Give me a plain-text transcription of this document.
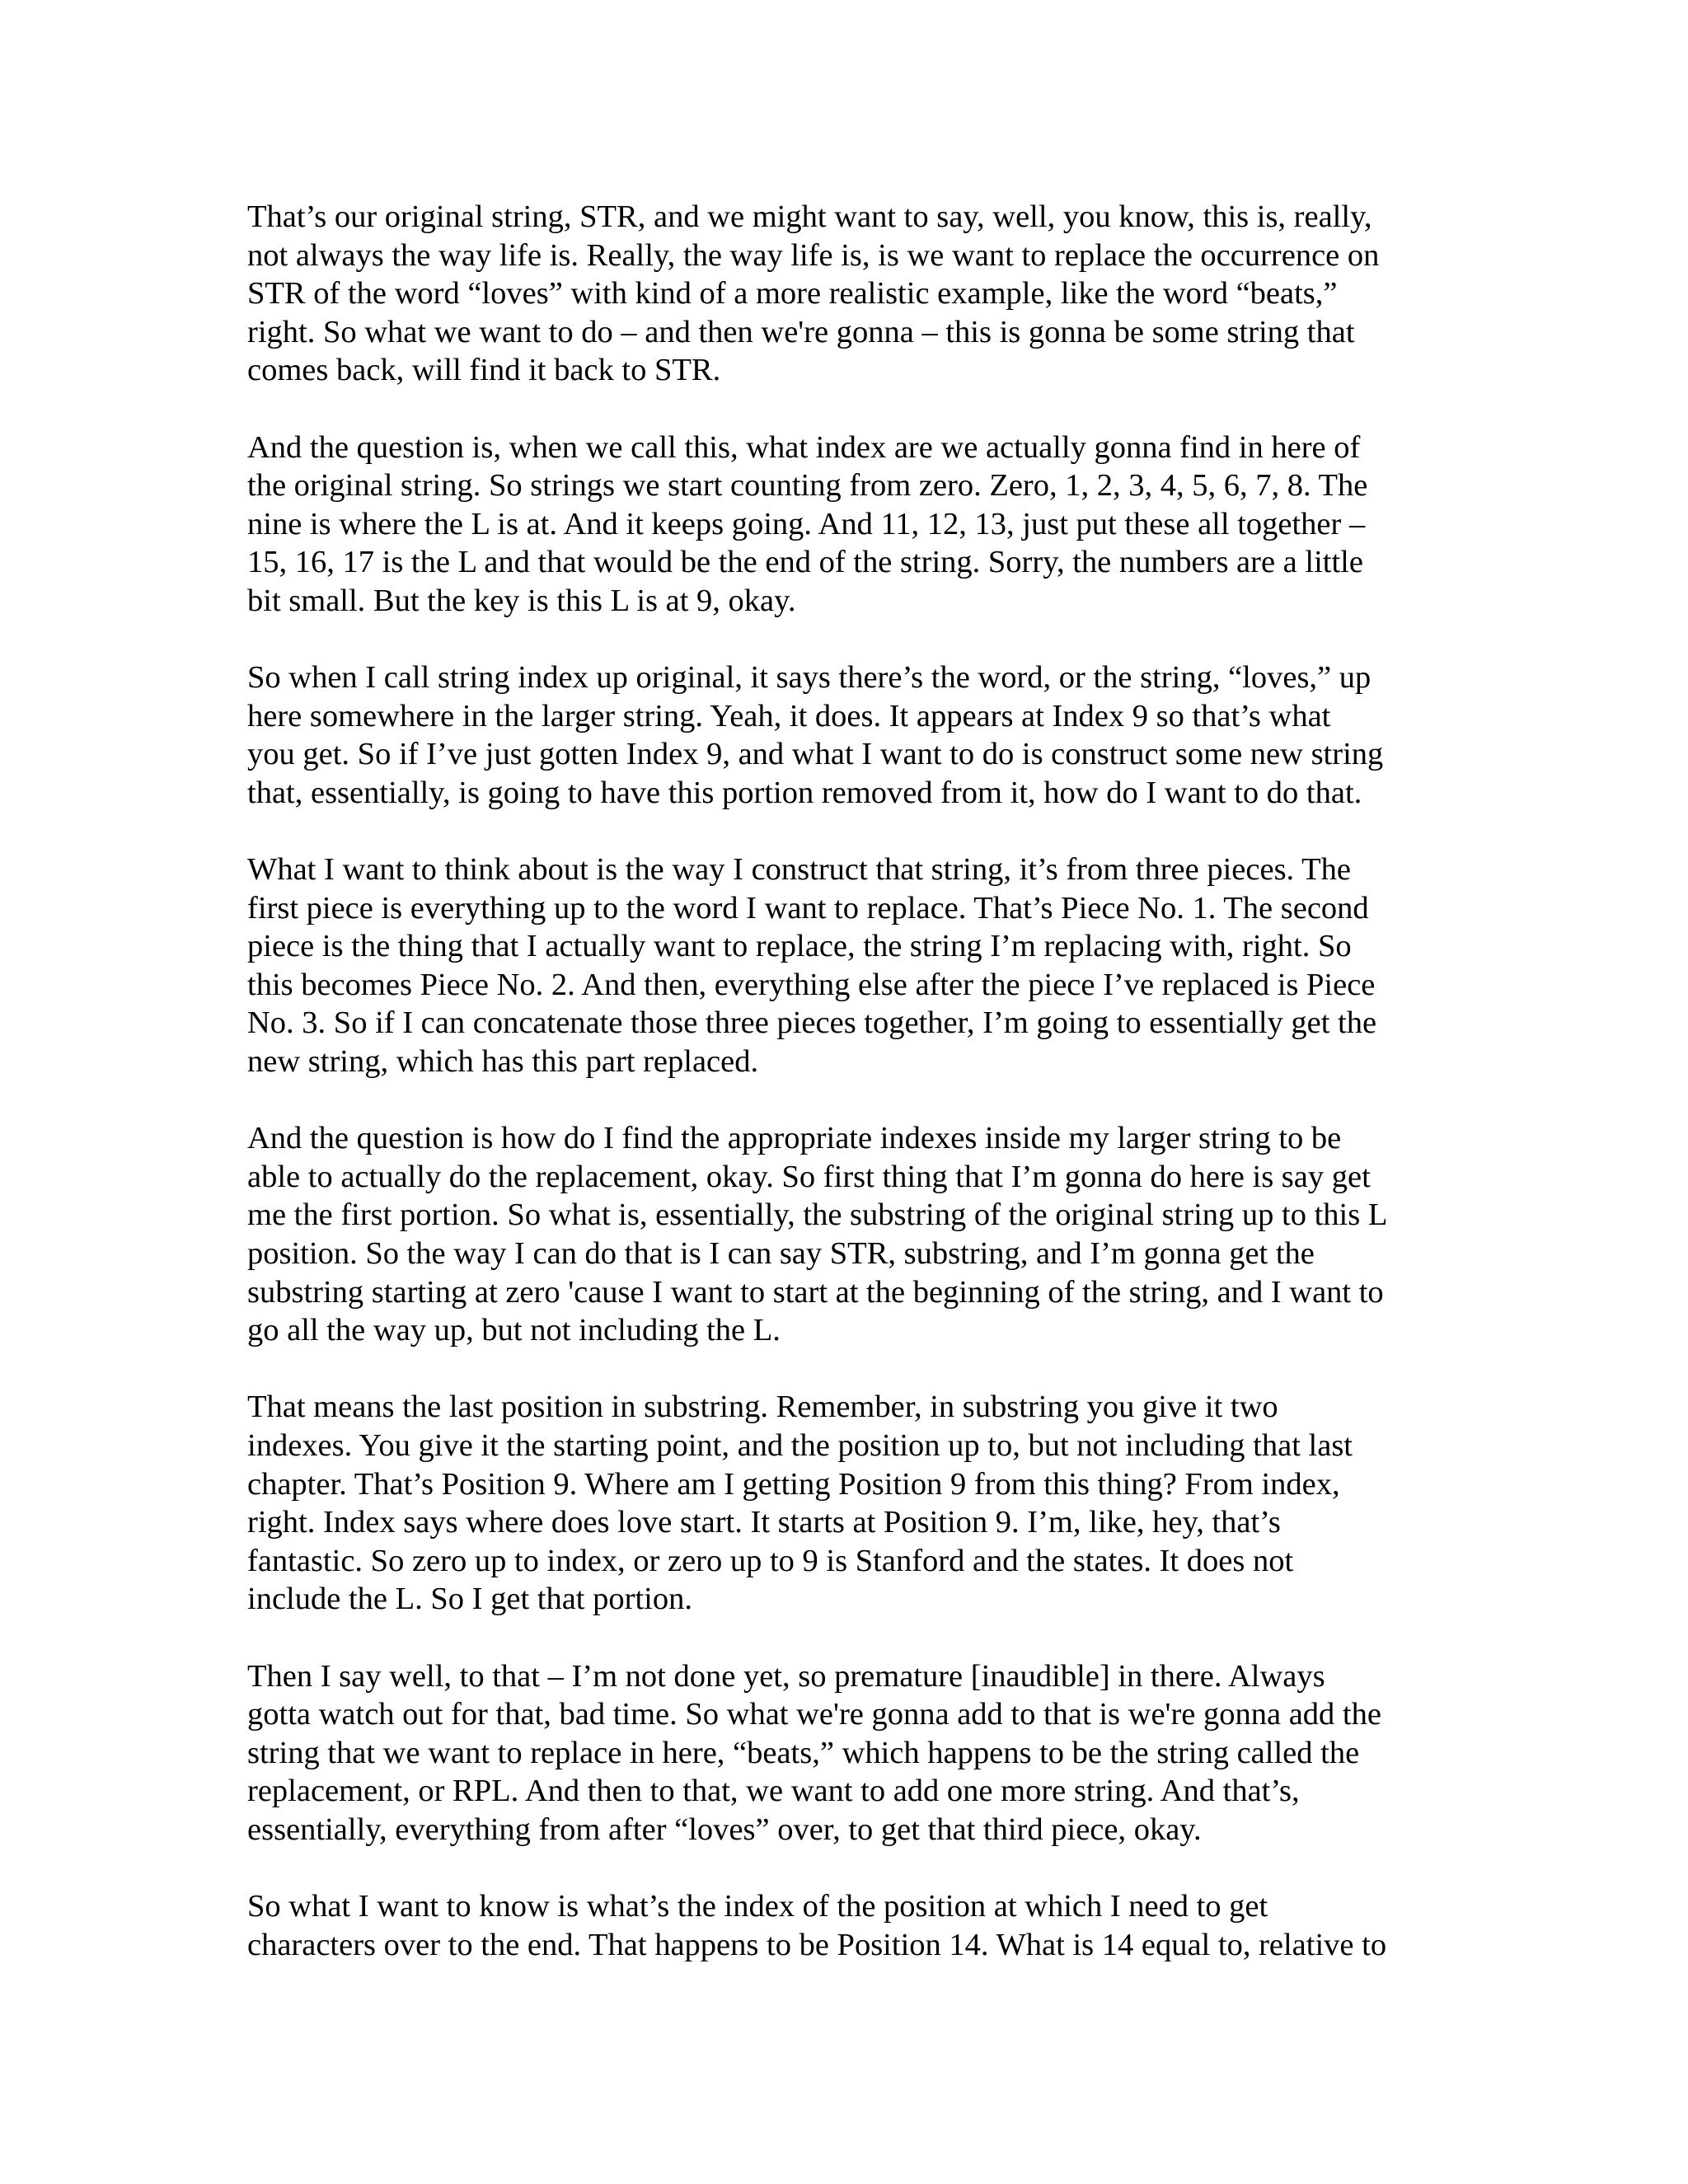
That’s our original string, STR, and we might want to say, well, you know, this is, really,
not always the way life is. Really, the way life is, is we want to replace the occurrence on
STR of the word “loves” with kind of a more realistic example, like the word “beats,”
right. So what we want to do – and then we're gonna – this is gonna be some string that
comes back, will find it back to STR.

And the question is, when we call this, what index are we actually gonna find in here of
the original string. So strings we start counting from zero. Zero, 1, 2, 3, 4, 5, 6, 7, 8. The
nine is where the L is at. And it keeps going. And 11, 12, 13, just put these all together –
15, 16, 17 is the L and that would be the end of the string. Sorry, the numbers are a little
bit small. But the key is this L is at 9, okay.

So when I call string index up original, it says there’s the word, or the string, “loves,” up
here somewhere in the larger string. Yeah, it does. It appears at Index 9 so that’s what
you get. So if I’ve just gotten Index 9, and what I want to do is construct some new string
that, essentially, is going to have this portion removed from it, how do I want to do that.

What I want to think about is the way I construct that string, it’s from three pieces. The
first piece is everything up to the word I want to replace. That’s Piece No. 1. The second
piece is the thing that I actually want to replace, the string I’m replacing with, right. So
this becomes Piece No. 2. And then, everything else after the piece I’ve replaced is Piece
No. 3. So if I can concatenate those three pieces together, I’m going to essentially get the
new string, which has this part replaced.

And the question is how do I find the appropriate indexes inside my larger string to be
able to actually do the replacement, okay. So first thing that I’m gonna do here is say get
me the first portion. So what is, essentially, the substring of the original string up to this L
position. So the way I can do that is I can say STR, substring, and I’m gonna get the
substring starting at zero 'cause I want to start at the beginning of the string, and I want to
go all the way up, but not including the L.

That means the last position in substring. Remember, in substring you give it two
indexes. You give it the starting point, and the position up to, but not including that last
chapter. That’s Position 9. Where am I getting Position 9 from this thing? From index,
right. Index says where does love start. It starts at Position 9. I’m, like, hey, that’s
fantastic. So zero up to index, or zero up to 9 is Stanford and the states. It does not
include the L. So I get that portion.

Then I say well, to that – I’m not done yet, so premature [inaudible] in there. Always
gotta watch out for that, bad time. So what we're gonna add to that is we're gonna add the
string that we want to replace in here, “beats,” which happens to be the string called the
replacement, or RPL. And then to that, we want to add one more string. And that’s,
essentially, everything from after “loves” over, to get that third piece, okay.

So what I want to know is what’s the index of the position at which I need to get
characters over to the end. That happens to be Position 14. What is 14 equal to, relative to
